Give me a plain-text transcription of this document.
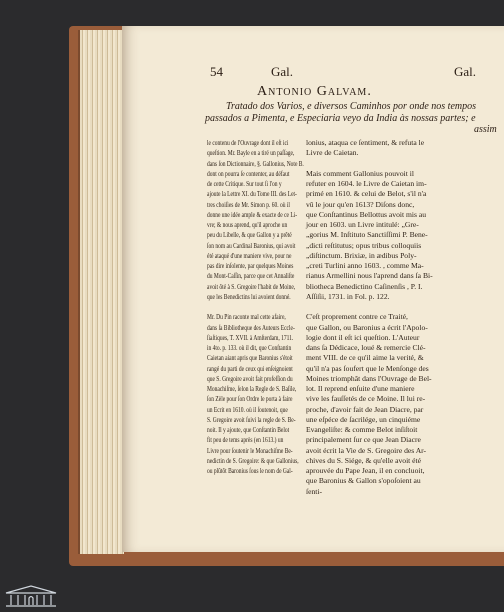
54	Gal.	Gal.
Antonio Galvam.
Tratado dos Varios, e diversos Caminhos por onde nos tempos
passados a Pimenta, e Especiaria veyo da India às nossas partes; e
assim
le contenu de l'Ouvrage dont il eſt ici
queſtion. Mr. Bayle en a tiré un paſſage,
dans ſon Dictionnaire, §. Gallonius, Note B.
dont on pourra ſe contenter, au défaut
de cette Critique. Sur tout ſi l'on y
ajoute la Lettre XI. du Tome III. des Let-
tres choiſies de Mr. Simon p. 60. où il
donne une idée ample & exacte de ce Li-
vre; & nous aprend, qu'il aproche un
peu du Libelle, & que Gallon y a prêté
ſon nom au Cardinal Baronius, qui avoit
été ataqué d'une maniere vive, pour ne
pas dire inſolente, par quelques Moines
du Mont-Caſſin, parce que cet Annaliſte
avoit ôté à S. Gregoire l'habit de Moine,
que les Benedictins lui avoient donné.
Mr. Du Pin raconte mal cette afaire,
dans ſa Bibliotheque des Auteurs Eccle-
ſiaſtiques, T. XVII. à Amſterdam, 1711.
in 4to. p. 133. où il dit, que Conſtantin
Caietan aiant apris que Baronius s'étoit
rangé du parti de ceux qui enſeignoient
que S. Gregoire avoit fait profeſſion du
Monachiſme, ſelon la Regle de S. Baſile,
ſon Zèle pour ſon Ordre le porta à faire
un Ecrit en 1610. où il ſoutenoit, que
S. Gregoire avoit ſuivi la regle de S. Be-
noit. Il y ajoute, que Conſtantin Belot
fit peu de tems après (en 1613.) un
Livre pour ſoutenir le Monachiſme Be-
nedictin de S. Gregoire: & que Gallonius,
ou plûtôt Baronius ſous le nom de Gal-
lonius, ataqua ce ſentiment, & refuta le
Livre de Caietan.
Mais comment Gallonius pouvoit il
refuter en 1604. le Livre de Caietan im-
primé en 1610. & celui de Belot, s'il n'a
vû le jour qu'en 1613? Diſons donc,
que Conſtantinus Bellottus avoit mis au
jour en 1603. un Livre intitulé: „Gre-
„gorius M. Inſtituto Sanctiſſimi P. Bene-
„dicti reſtitutus; opus tribus colloquiis
„diſtinctum. Brixiæ, in ædibus Poly-
„creti Turlini anno 1603. , comme Ma-
rianus Armellini nous l'aprend dans ſa Bi-
bliotheca Benedictino Caſinenſis , P. I.
Aſſiſii, 1731. in Fol. p. 122.
C'eſt proprement contre ce Traité,
que Gallon, ou Baronius a écrit l'Apolo-
logie dont il eſt ici queſtion. L'Auteur
dans ſa Dédicace, loué & remercie Clé-
ment VIII. de ce qu'il aime la verité, &
qu'il n'a pas ſoufert que le Menſonge des
Moines triomphât dans l'Ouvrage de Bel-
lot. Il reprend enſuite d'une maniere
vive les fauſſetés de ce Moine. Il lui re-
proche, d'avoir fait de Jean Diacre, par
une eſpéce de ſacrilége, un cinquiéme
Evangeliſte: & comme Belot inſiſtoit
principalement ſur ce que Jean Diacre
avoit écrit la Vie de S. Gregoire des Ar-
chives du S. Siége, & qu'elle avoit été
aprouvée du Pape Jean, il en concluoit,
que Baronius & Gallon s'opoſoient au
ſenti-
